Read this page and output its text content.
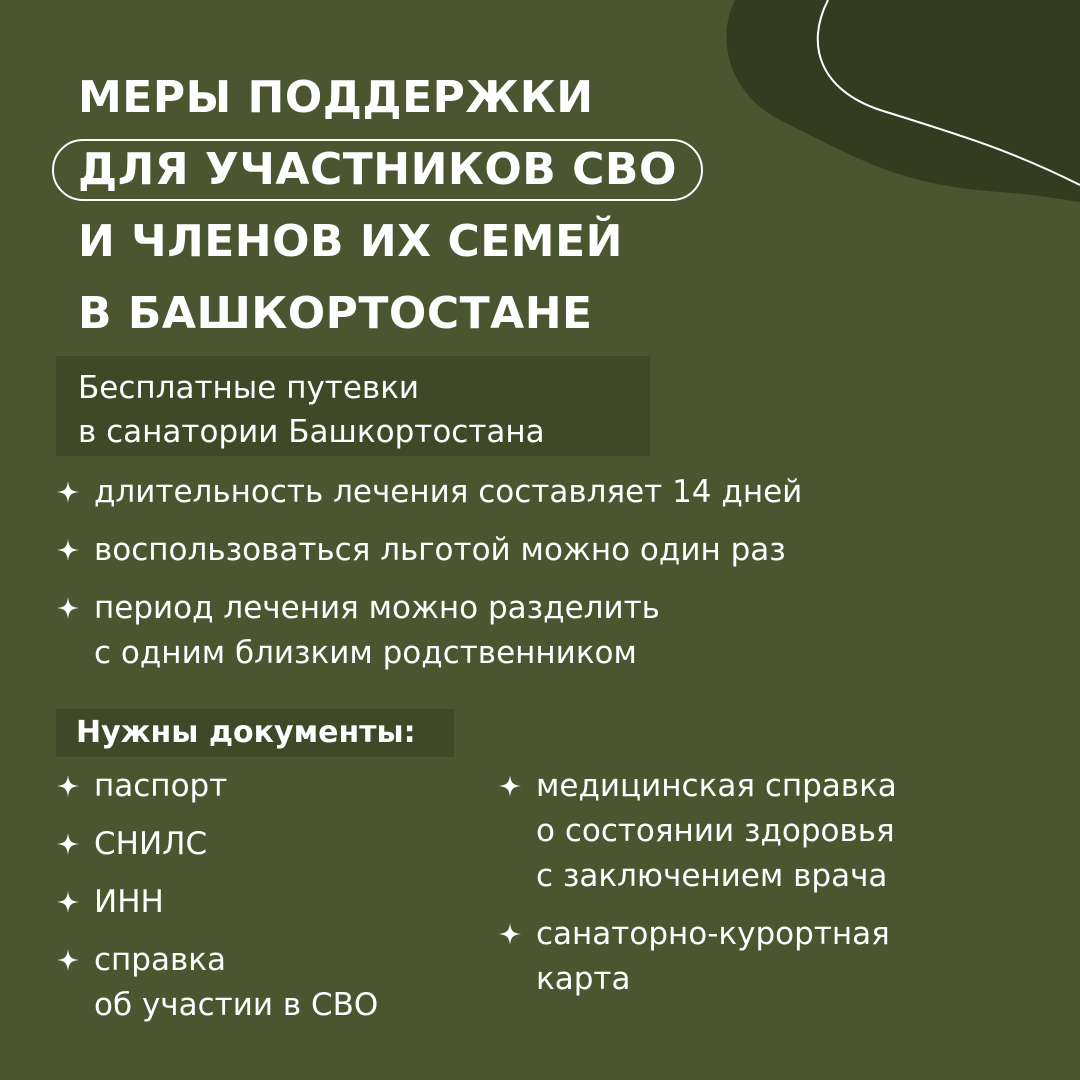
МЕРЫ ПОДДЕРЖКИ
ДЛЯ УЧАСТНИКОВ СВО
И ЧЛЕНОВ ИХ СЕМЕЙ
В БАШКОРТОСТАНЕ
Бесплатные путевки
в санатории Башкортостана
длительность лечения составляет 14 дней
воспользоваться льготой можно один раз
период лечения можно разделить
с одним близким родственником
Нужны документы:
паспорт
СНИЛС
ИНН
справка
об участии в СВО
медицинская справка
о состоянии здоровья
с заключением врача
санаторно-курортная
карта
